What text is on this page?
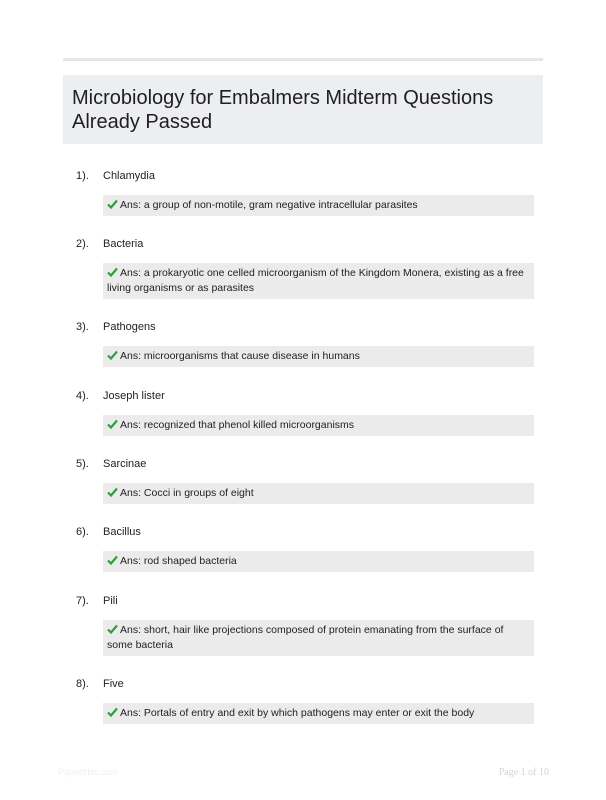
Microbiology for Embalmers Midterm Questions Already Passed
1). Chlamydia
Ans: a group of non-motile, gram negative intracellular parasites
2). Bacteria
Ans: a prokaryotic one celled microorganism of the Kingdom Monera, existing as a free living organisms or as parasites
3). Pathogens
Ans: microorganisms that cause disease in humans
4). Joseph lister
Ans: recognized that phenol killed microorganisms
5). Sarcinae
Ans: Cocci in groups of eight
6). Bacillus
Ans: rod shaped bacteria
7). Pili
Ans: short, hair like projections composed of protein emanating from the surface of some bacteria
8). Five
Ans: Portals of entry and exit by which pathogens may enter or exit the body
Papertrbic.com	Page 1 of 10
